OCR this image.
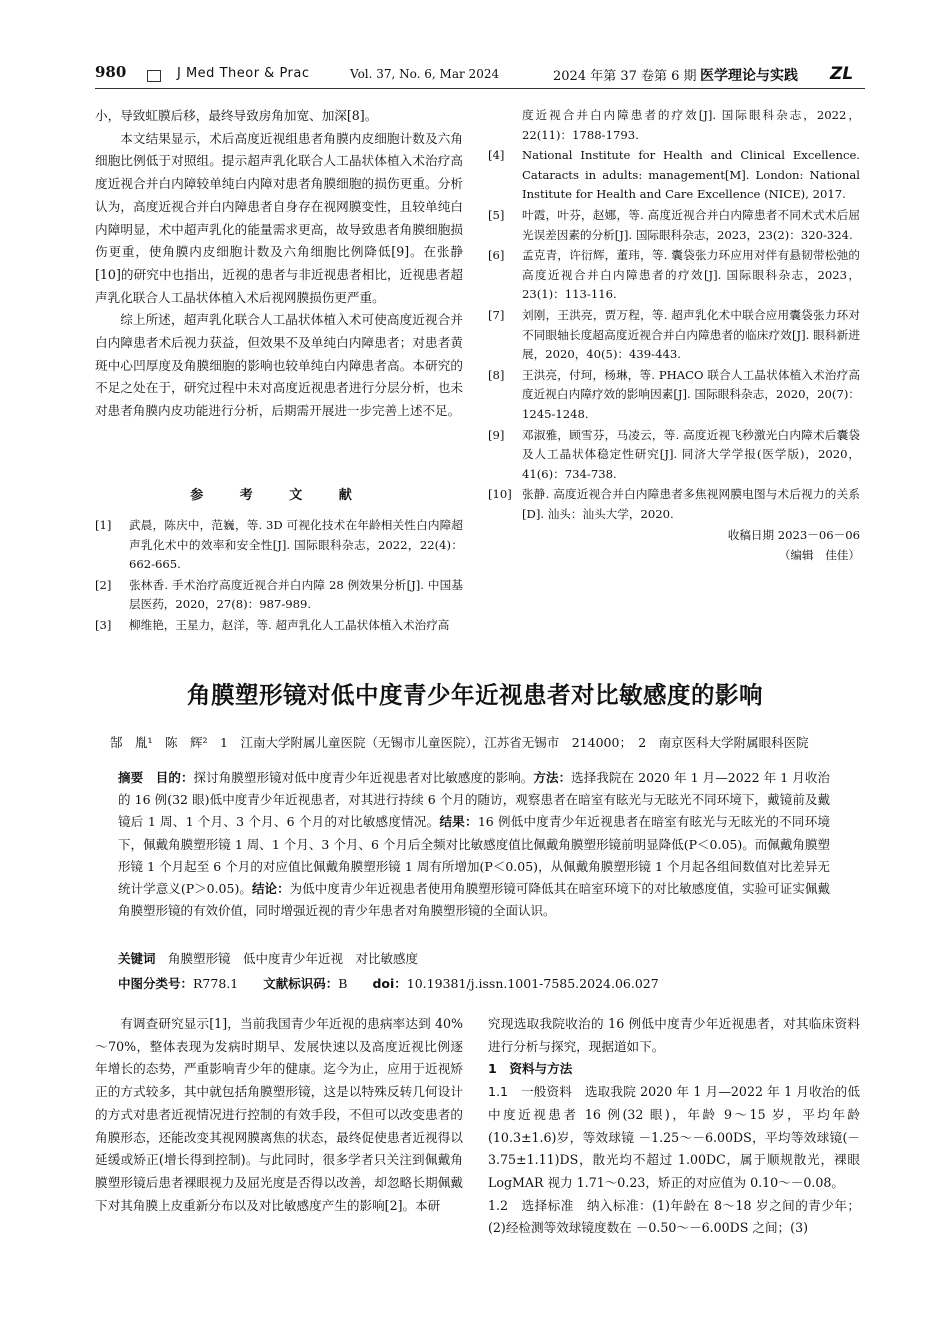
980	J Med Theor & Prac	Vol. 37, No. 6, Mar 2024	2024 年第 37 卷第 6 期 医学理论与实践 ZL

小，导致虹膜后移，最终导致房角加宽、加深[8]。

本文结果显示，术后高度近视组患者角膜内皮细胞计数及六角细胞比例低于对照组。提示超声乳化联合人工晶状体植入术治疗高度近视合并白内障较单纯白内障对患者角膜细胞的损伤更重。分析认为，高度近视合并白内障患者自身存在视网膜变性，且较单纯白内障明显，术中超声乳化的能量需求更高，故导致患者角膜细胞损伤更重，使角膜内皮细胞计数及六角细胞比例降低[9]。在张静[10]的研究中也指出，近视的患者与非近视患者相比，近视患者超声乳化联合人工晶状体植入术后视网膜损伤更严重。

综上所述，超声乳化联合人工晶状体植入术可使高度近视合并白内障患者术后视力获益，但效果不及单纯白内障患者；对患者黄斑中心凹厚度及角膜细胞的影响也较单纯白内障患者高。本研究的不足之处在于，研究过程中未对高度近视患者进行分层分析，也未对患者角膜内皮功能进行分析，后期需开展进一步完善上述不足。

参 考 文 献
[1]	武晨，陈庆中，范巍，等. 3D 可视化技术在年龄相关性白内障超声乳化术中的效率和安全性[J]. 国际眼科杂志，2022，22(4)：662-665.
[2]	张林香. 手术治疗高度近视合并白内障 28 例效果分析[J]. 中国基层医药，2020，27(8)：987-989.
[3]	柳维艳，王星力，赵洋，等. 超声乳化人工晶状体植入术治疗高
度近视合并白内障患者的疗效[J]. 国际眼科杂志，2022，22(11)：1788-1793.
[4]	National Institute for Health and Clinical Excellence. Cataracts in adults: management[M]. London: National Institute for Health and Care Excellence (NICE), 2017.
[5]	叶霞，叶芬，赵娜，等. 高度近视合并白内障患者不同术式术后屈光误差因素的分析[J]. 国际眼科杂志，2023，23(2)：320-324.
[6]	孟克青，许衍辉，董玮，等. 囊袋张力环应用对伴有悬韧带松弛的高度近视合并白内障患者的疗效[J]. 国际眼科杂志，2023，23(1)：113-116.
[7]	刘刚，王洪亮，贾万程，等. 超声乳化术中联合应用囊袋张力环对不同眼轴长度超高度近视合并白内障患者的临床疗效[J]. 眼科新进展，2020，40(5)：439-443.
[8]	王洪亮，付珂，杨琳，等. PHACO 联合人工晶状体植入术治疗高度近视白内障疗效的影响因素[J]. 国际眼科杂志，2020，20(7)：1245-1248.
[9]	邓淑雅，顾雪芬，马凌云，等. 高度近视飞秒激光白内障术后囊袋及人工晶状体稳定性研究[J]. 同济大学学报(医学版)，2020，41(6)：734-738.
[10] 张静. 高度近视合并白内障患者多焦视网膜电图与术后视力的关系[D]. 汕头：汕头大学，2020.
收稿日期 2023－06－06
（编辑　佳佳）
角膜塑形镜对低中度青少年近视患者对比敏感度的影响
郜　胤¹　陈　辉²　1　江南大学附属儿童医院（无锡市儿童医院），江苏省无锡市　214000；　2　南京医科大学附属眼科医院
摘要　 目的：探讨角膜塑形镜对低中度青少年近视患者对比敏感度的影响。方法：选择我院在 2020 年 1 月—2022 年 1 月收治的 16 例(32 眼)低中度青少年近视患者，对其进行持续 6 个月的随访，观察患者在暗室有眩光与无眩光不同环境下，戴镜前及戴镜后 1 周、1 个月、3 个月、6 个月的对比敏感度情况。结果：16 例低中度青少年近视患者在暗室有眩光与无眩光的不同环境下，佩戴角膜塑形镜 1 周、1 个月、3 个月、6 个月后全频对比敏感度值比佩戴角膜塑形镜前明显降低(P＜0.05)。而佩戴角膜塑形镜 1 个月起至 6 个月的对应值比佩戴角膜塑形镜 1 周有所增加(P＜0.05)，从佩戴角膜塑形镜 1 个月起各组间数值对比差异无统计学意义(P＞0.05)。结论：为低中度青少年近视患者使用角膜塑形镜可降低其在暗室环境下的对比敏感度值，实验可证实佩戴角膜塑形镜的有效价值，同时增强近视的青少年患者对角膜塑形镜的全面认识。
关键词　 角膜塑形镜　低中度青少年近视　对比敏感度
中图分类号：R778.1　　 文献标识码：B　　 doi：10.19381/j.issn.1001-7585.2024.06.027

有调查研究显示[1]，当前我国青少年近视的患病率达到 40%～70%，整体表现为发病时期早、发展快速以及高度近视比例逐年增长的态势，严重影响青少年的健康。迄今为止，应用于近视矫正的方式较多，其中就包括角膜塑形镜，这是以特殊反转几何设计的方式对患者近视情况进行控制的有效手段，不但可以改变患者的角膜形态，还能改变其视网膜离焦的状态，最终促使患者近视得以延缓或矫正(增长得到控制)。与此同时，很多学者只关注到佩戴角膜塑形镜后患者裸眼视力及屈光度是否得以改善，却忽略长期佩戴下对其角膜上皮重新分布以及对比敏感度产生的影响[2]。本研

究现选取我院收治的 16 例低中度青少年近视患者，对其临床资料进行分析与探究，现据道如下。

1　资料与方法

1.1　一般资料　 选取我院 2020 年 1 月—2022 年 1 月收治的低中度近视患者 16 例(32 眼)，年龄 9～15 岁，平均年龄(10.3±1.6)岁，等效球镜 －1.25～－6.00DS，平均等效球镜(－3.75±1.11)DS，散光均不超过 1.00DC，属于顺规散光，裸眼 LogMAR 视力 1.71～0.23，矫正的对应值为 0.10～－0.08。

1.2　选择标准　 纳入标准：(1)年龄在 8～18 岁之间的青少年；(2)经检测等效球镜度数在 －0.50～－6.00DS 之间；(3)
